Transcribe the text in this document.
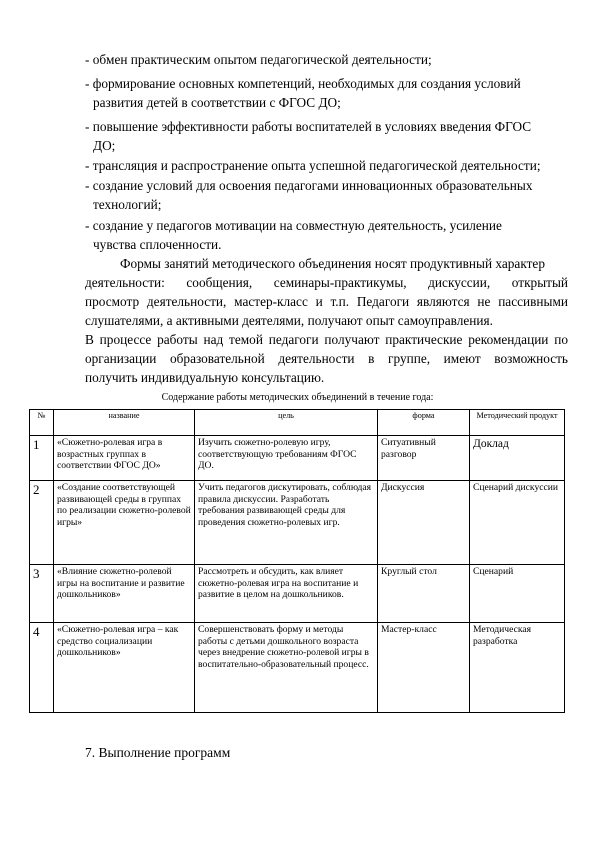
- обмен практическим опытом педагогической деятельности;
- формирование основных компетенций, необходимых для создания условий
развития детей в соответствии с ФГОС ДО;
- повышение эффективности работы воспитателей в условиях введения ФГОС
ДО;
- трансляция и распространение опыта успешной педагогической деятельности;
- создание условий для освоения педагогами инновационных образовательных
технологий;
- создание у педагогов мотивации на совместную деятельность, усиление
чувства сплоченности.
Формы занятий методического объединения носят продуктивный характер
деятельности: сообщения, семинары-практикумы, дискуссии, открытый
просмотр деятельности, мастер-класс и т.п. Педагоги являются не пассивными
слушателями, а активными деятелями, получают опыт самоуправления.
В процессе работы над темой педагоги получают практические рекомендации по
организации образовательной деятельности в группе, имеют возможность
получить индивидуальную консультацию.
Содержание работы методических объединений в течение года:
№	название	цель	форма	Методический продукт
1	«Сюжетно-ролевая игра в возрастных группах в соответствии ФГОС ДО»	Изучить сюжетно-ролевую игру, соответствующую требованиям ФГОС ДО.	Ситуативный разговор	Доклад
2	«Создание соответствующей развивающей среды в группах по реализации сюжетно-ролевой игры»	Учить педагогов дискутировать, соблюдая правила дискуссии. Разработать требования развивающей среды для проведения сюжетно-ролевых игр.	Дискуссия	Сценарий дискуссии
3	«Влияние сюжетно-ролевой игры на воспитание и развитие дошкольников»	Рассмотреть и обсудить, как влияет сюжетно-ролевая игра на воспитание и развитие в целом на дошкольников.	Круглый стол	Сценарий
4	«Сюжетно-ролевая игра – как средство социализации дошкольников»	Совершенствовать форму и методы работы с детьми дошкольного возраста через внедрение сюжетно-ролевой игры в воспитательно-образовательный процесс.	Мастер-класс	Методическая разработка
7. Выполнение программ
